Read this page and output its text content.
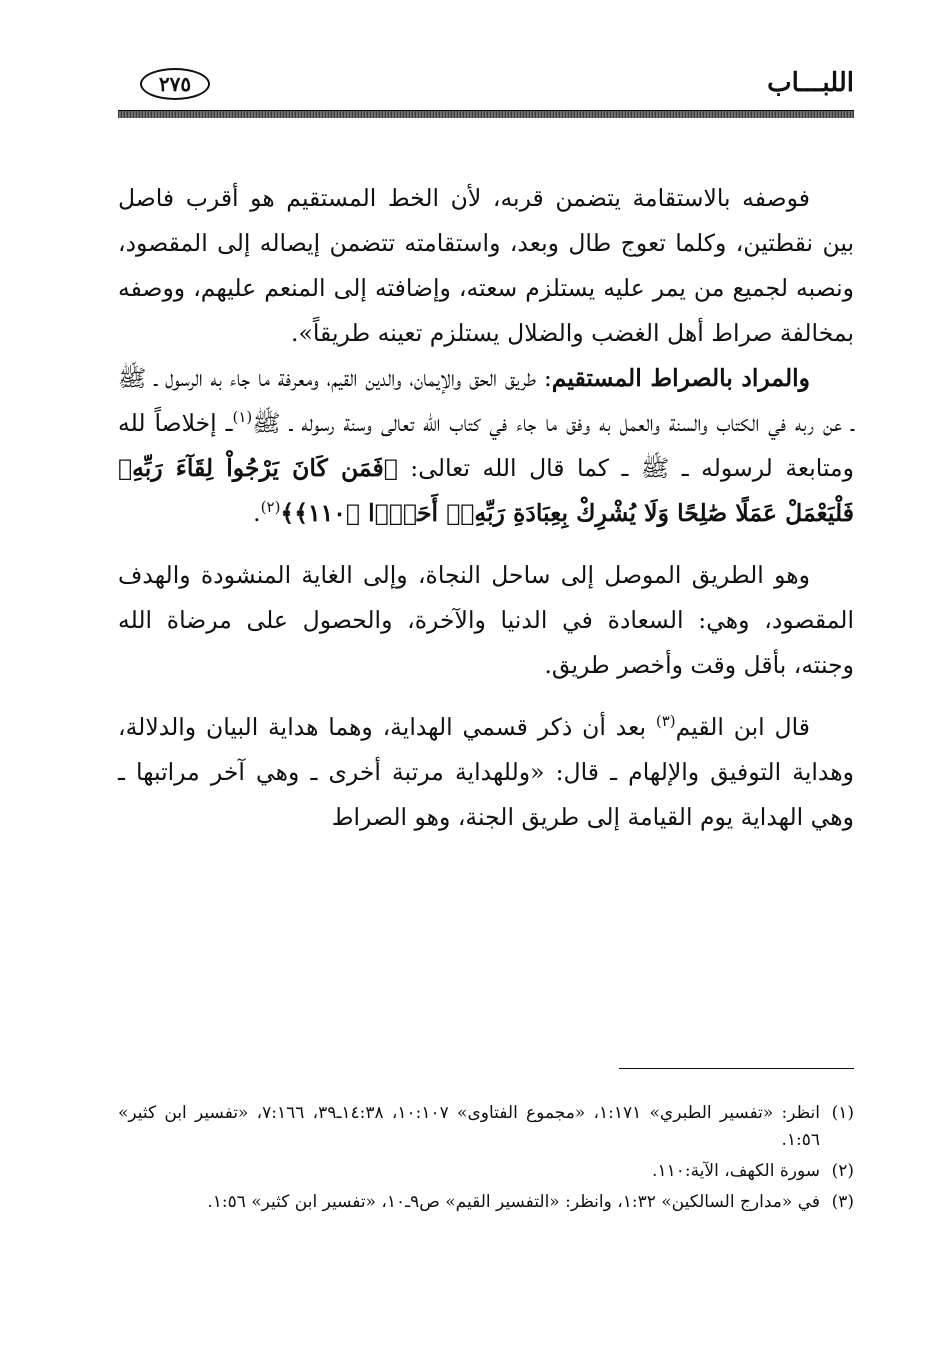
اللبـــاب
٢٧٥

فوصفه بالاستقامة يتضمن قربه، لأن الخط المستقيم هو أقرب فاصل بين نقطتين، وكلما تعوج طال وبعد، واستقامته تتضمن إيصاله إلى المقصود، ونصبه لجميع من يمر عليه يستلزم سعته، وإضافته إلى المنعم عليهم، ووصفه بمخالفة صراط أهل الغضب والضلال يستلزم تعينه طريقاً».

والمراد بالصراط المستقيم: طريق الحق والإيمان، والدين القيم، ومعرفة ما جاء به الرسول ـ ﷺ ـ عن ربه في الكتاب والسنة والعمل به وفق ما جاء في كتاب الله تعالى وسنة رسوله ـ ﷺ$^{(١)}$ـ إخلاصاً لله ومتابعة لرسوله ـ ﷺ ـ كما قال الله تعالى: ﴿فَمَن كَانَ يَرْجُواْ لِقَآءَ رَبِّهِۦ فَلْيَعْمَلْ عَمَلًا صَٰلِحًا وَلَا يُشْرِكْ بِعِبَادَةِ رَبِّهِۦٓ أَحَدًۢا ﴿١١٠﴾﴾$^{(٢)}$.

وهو الطريق الموصل إلى ساحل النجاة، وإلى الغاية المنشودة والهدف المقصود، وهي: السعادة في الدنيا والآخرة، والحصول على مرضاة الله وجنته، بأقل وقت وأخصر طريق.

قال ابن القيم$^{(٣)}$ بعد أن ذكر قسمي الهداية، وهما هداية البيان والدلالة، وهداية التوفيق والإلهام ـ قال: «وللهداية مرتبة أخرى ـ وهي آخر مراتبها ـ وهي الهداية يوم القيامة إلى طريق الجنة، وهو الصراط

(١)
انظر: «تفسير الطبري» ١:١٧١، «مجموع الفتاوى» ١٠:١٠٧، ١٤:٣٨ـ٣٩، ٧:١٦٦، «تفسير ابن كثير» ١:٥٦.
(٢)
سورة الكهف، الآية:١١٠.
(٣)
في «مدارج السالكين» ١:٣٢، وانظر: «التفسير القيم» ص٩ـ١٠، «تفسير ابن كثير» ١:٥٦.
